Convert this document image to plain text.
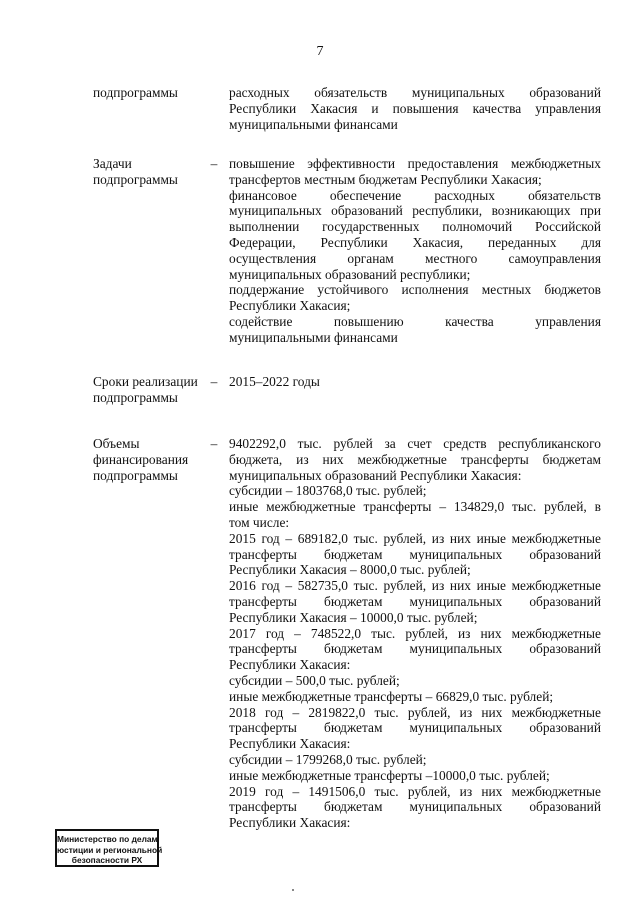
7
подпрограммы	расходных обязательств муниципальных образований
Республики Хакасия и повышения качества управления
муниципальными финансами
Задачи
подпрограммы
– повышение эффективности предоставления межбюджетных
трансфертов местным бюджетам Республики Хакасия;
финансовое обеспечение расходных обязательств
муниципальных образований республики, возникающих при
выполнении государственных полномочий Российской
Федерации, Республики Хакасия, переданных для
осуществления органам местного самоуправления
муниципальных образований республики;
поддержание устойчивого исполнения местных бюджетов
Республики Хакасия;
содействие повышению качества управления
муниципальными финансами
Сроки реализации
подпрограммы
– 2015–2022 годы
Объемы
финансирования
подпрограммы
– 9402292,0 тыс. рублей за счет средств республиканского
бюджета, из них межбюджетные трансферты бюджетам
муниципальных образований Республики Хакасия:
субсидии – 1803768,0 тыс. рублей;
иные межбюджетные трансферты – 134829,0 тыс. рублей, в
том числе:
2015 год – 689182,0 тыс. рублей, из них иные межбюджетные
трансферты бюджетам муниципальных образований
Республики Хакасия – 8000,0 тыс. рублей;
2016 год – 582735,0 тыс. рублей, из них иные межбюджетные
трансферты бюджетам муниципальных образований
Республики Хакасия – 10000,0 тыс. рублей;
2017 год – 748522,0 тыс. рублей, из них межбюджетные
трансферты бюджетам муниципальных образований
Республики Хакасия:
субсидии – 500,0 тыс. рублей;
иные межбюджетные трансферты – 66829,0 тыс. рублей;
2018 год – 2819822,0 тыс. рублей, из них межбюджетные
трансферты бюджетам муниципальных образований
Республики Хакасия:
субсидии – 1799268,0 тыс. рублей;
иные межбюджетные трансферты –10000,0 тыс. рублей;
2019 год – 1491506,0 тыс. рублей, из них межбюджетные
трансферты бюджетам муниципальных образований
Республики Хакасия:
Министерство по делам
юстиции и региональной
безопасности РХ
